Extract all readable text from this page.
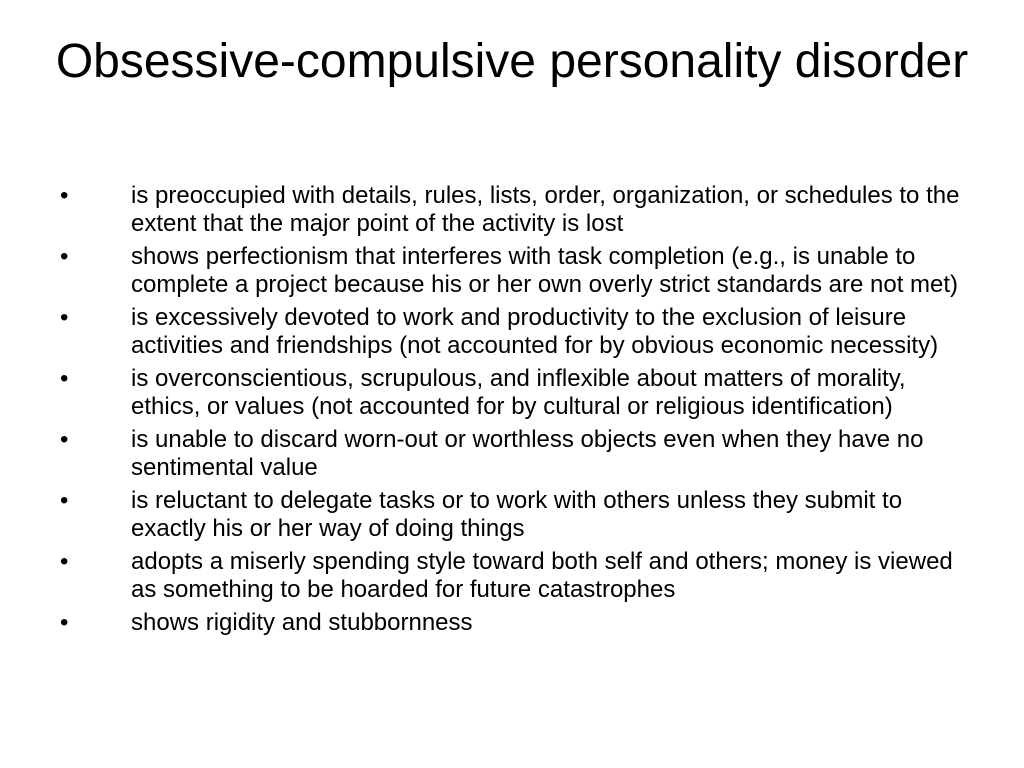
Obsessive-compulsive personality disorder
•	is preoccupied with details, rules, lists, order, organization, or schedules to the extent that the major point of the activity is lost
•	shows perfectionism that interferes with task completion (e.g., is unable to complete a project because his or her own overly strict standards are not met)
•	is excessively devoted to work and productivity to the exclusion of leisure activities and friendships (not accounted for by obvious economic necessity)
•	is overconscientious, scrupulous, and inflexible about matters of morality, ethics, or values (not accounted for by cultural or religious identification)
•	is unable to discard worn-out or worthless objects even when they have no sentimental value
•	is reluctant to delegate tasks or to work with others unless they submit to exactly his or her way of doing things
•	adopts a miserly spending style toward both self and others; money is viewed as something to be hoarded for future catastrophes
•	shows rigidity and stubbornness
